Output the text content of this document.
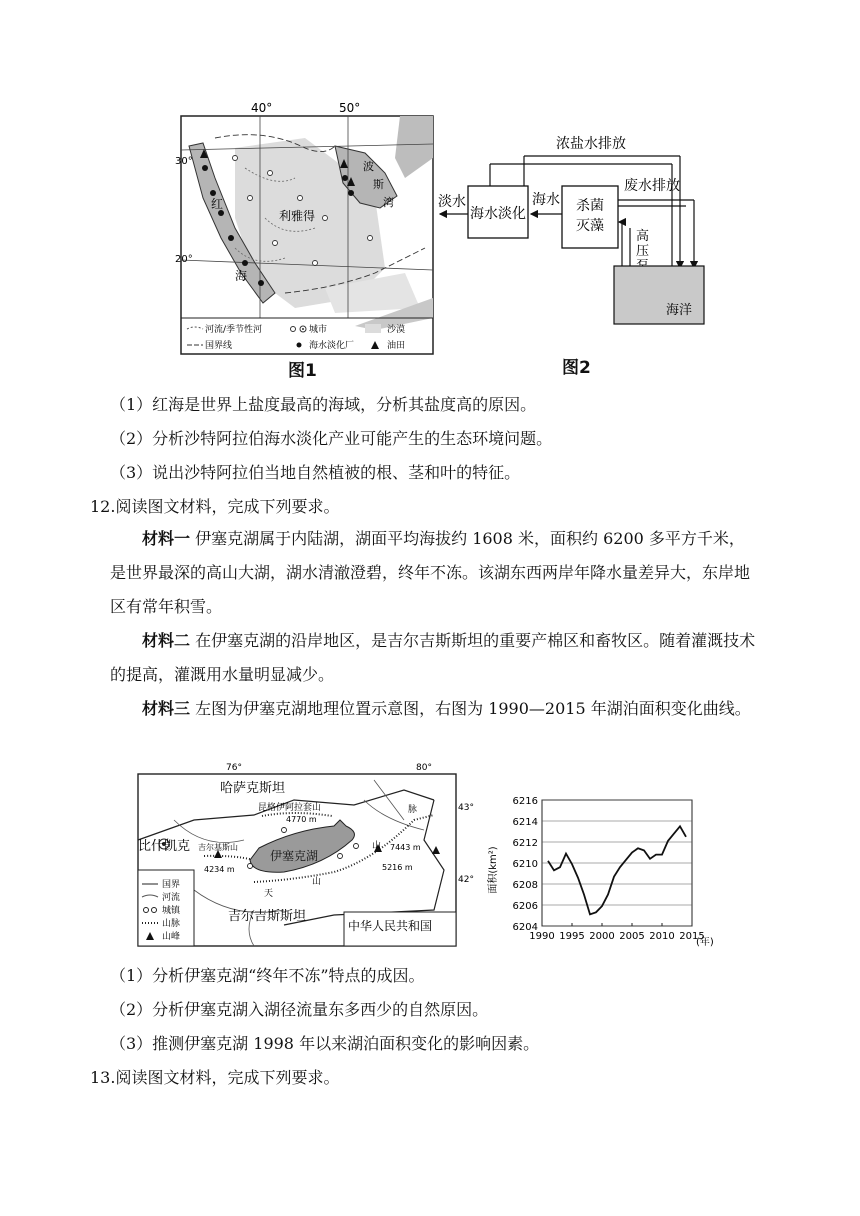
40°	50°
红
海
利雅得
波
斯
湾
30°
20°
河流/季节性河	城市	沙漠
国界线	海水淡化厂	油田
图1
浓盐水排放
海水淡化	杀菌
灭藻
淡水	海水
废水排放
高
压
海洋
图2
（1）红海是世界上盐度最高的海域，分析其盐度高的原因。
（2）分析沙特阿拉伯海水淡化产业可能产生的生态环境问题。
（3）说出沙特阿拉伯当地自然植被的根、茎和叶的特征。
12.阅读图文材料，完成下列要求。
材料一 伊塞克湖属于内陆湖，湖面平均海拔约 1608 米，面积约 6200 多平方千米，是世界最深的高山大湖，湖水清澈澄碧，终年不冻。该湖东西两岸年降水量差异大，东岸地区有常年积雪。
材料二 在伊塞克湖的沿岸地区，是吉尔吉斯斯坦的重要产棉区和畜牧区。随着灌溉技术的提高，灌溉用水量明显减少。
材料三 左图为伊塞克湖地理位置示意图，右图为 1990—2015 年湖泊面积变化曲线。
76°	80°
43°
42°
哈萨克斯坦
昆格伊阿拉套山
4770 m
脉
比什凯克 吉尔基斯山
4234 m
伊塞克湖
山 7443 m
5216 m
天
山
吉尔吉斯斯坦
中华人民共和国
国界
河流
城镇
山脉
山峰
6204
6206
6208
6210
6212
6214
6216
1990 1995 2000 2005 2010 2015
面积(km²)
(年)
（1）分析伊塞克湖“终年不冻”特点的成因。
（2）分析伊塞克湖入湖径流量东多西少的自然原因。
（3）推测伊塞克湖 1998 年以来湖泊面积变化的影响因素。
13.阅读图文材料，完成下列要求。
